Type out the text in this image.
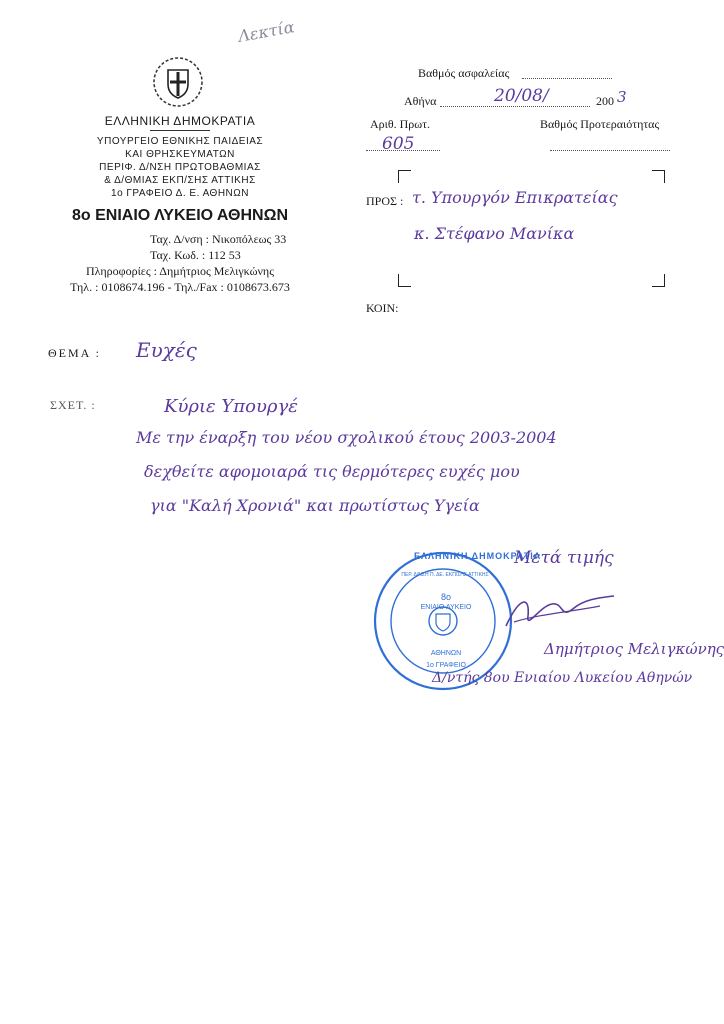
Λεκτία
ΕΛΛΗΝΙΚΗ ΔΗΜΟΚΡΑΤΙΑ
ΥΠΟΥΡΓΕΙΟ ΕΘΝΙΚΗΣ ΠΑΙΔΕΙΑΣ
ΚΑΙ ΘΡΗΣΚΕΥΜΑΤΩΝ
ΠΕΡΙΦ. Δ/ΝΣΗ ΠΡΩΤΟΒΑΘΜΙΑΣ
& Δ/ΘΜΙΑΣ ΕΚΠ/ΣΗΣ ΑΤΤΙΚΗΣ
1ο ΓΡΑΦΕΙΟ Δ. Ε. ΑΘΗΝΩΝ
8ο ΕΝΙΑΙΟ ΛΥΚΕΙΟ ΑΘΗΝΩΝ
Ταχ. Δ/νση : Νικοπόλεως 33
Ταχ. Κωδ. : 112 53
Πληροφορίες : Δημήτριος Μελιγκώνης
Τηλ. : 0108674.196 - Τηλ./Fax : 0108673.673
Βαθμός ασφαλείας
Αθήνα	20/08/	200 3
Αριθ. Πρωτ.	Βαθμός Προτεραιότητας
605
ΠΡΟΣ : τ. Υπουργόν Επικρατείας
κ. Στέφανο Μανίκα
ΚΟΙΝ:
ΘΕΜΑ : Ευχές
ΣΧΕΤ. :	Κύριε Υπουργέ
Με την έναρξη του νέου σχολικού έτους 2003-2004
δεχθείτε αφομοιαρά τις θερμότερες ευχές μου
για "Καλή Χρονιά" και πρωτίστως Υγεία
Μετά τιμής
ΕΛΛΗΝΙΚΗ ΔΗΜΟΚΡΑΤΙΑ
ΠΕΡ. Δ/ΝΣΗ Π. ΔΕ. ΕΚΠ/ΣΗΣ ΑΤΤΙΚΗΣ
8ο
ΕΝΙΑΙΟ ΛΥΚΕΙΟ
ΑΘΗΝΩΝ
1ο ΓΡΑΦΕΙΟ
Δημήτριος Μελιγκώνης
Δ/ντής 8ου Ενιαίου Λυκείου Αθηνών
